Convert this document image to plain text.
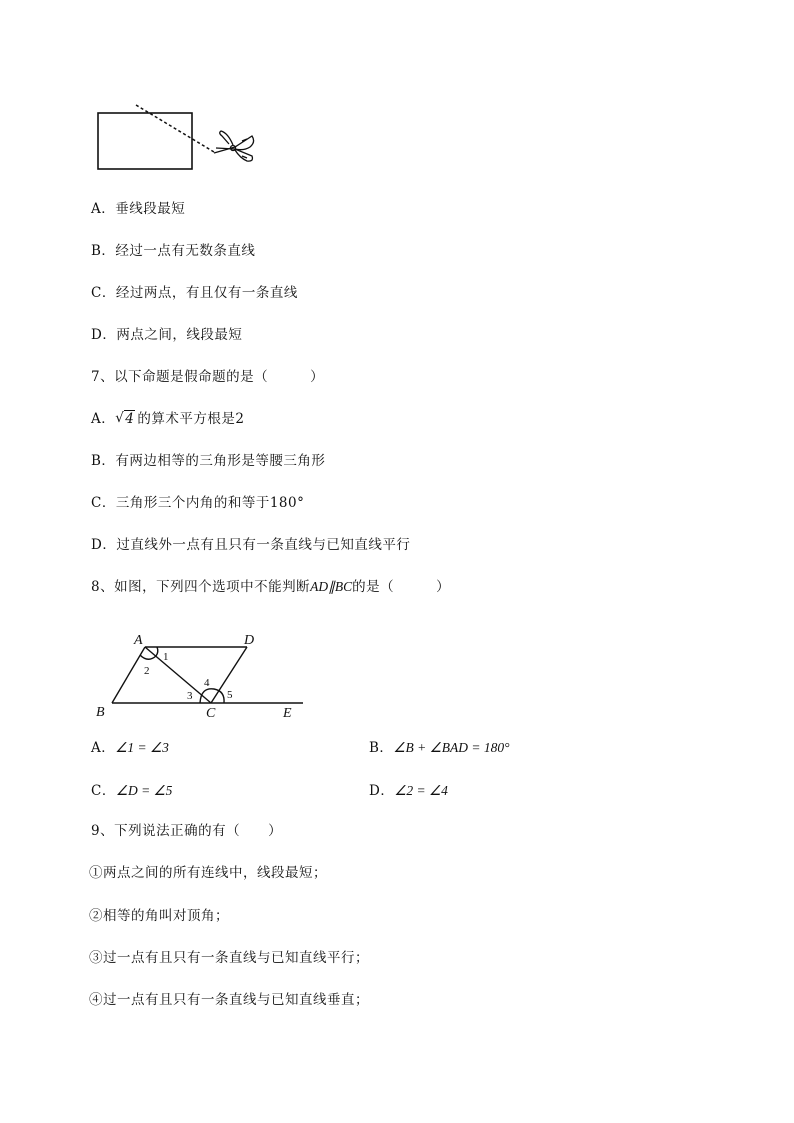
A．垂线段最短
B．经过一点有无数条直线
C．经过两点，有且仅有一条直线
D．两点之间，线段最短
7、以下命题是假命题的是（　　　）
A． √ 4 的算术平方根是2
B．有两边相等的三角形是等腰三角形
C．三角形三个内角的和等于180°
D．过直线外一点有且只有一条直线与已知直线平行
8、如图，下列四个选项中不能判断AD∥BC的是（　　　）
A	D
B	C	E
1
2
3
4
5
A．∠1 = ∠3	B．∠B + ∠BAD = 180°
C．∠D = ∠5	D．∠2 = ∠4
9、下列说法正确的有（　　）
①两点之间的所有连线中，线段最短；
②相等的角叫对顶角；
③过一点有且只有一条直线与已知直线平行；
④过一点有且只有一条直线与已知直线垂直；
